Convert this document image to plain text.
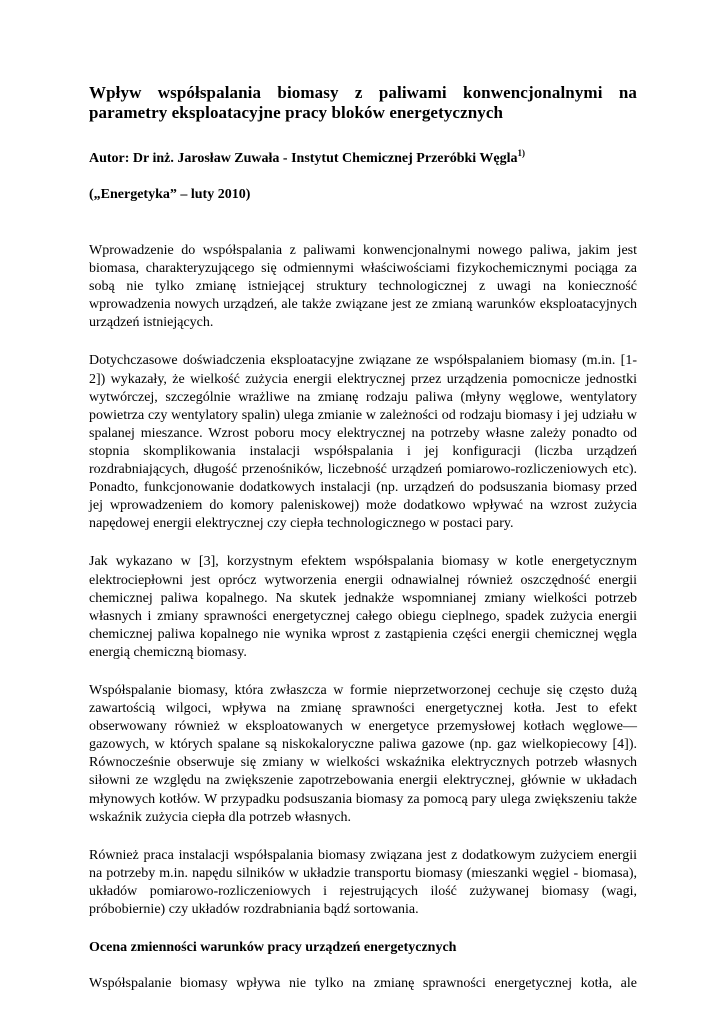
Wpływ współspalania biomasy z paliwami konwencjonalnymi na parametry eksploatacyjne pracy bloków energetycznych

Autor: Dr inż. Jarosław Zuwała - Instytut Chemicznej Przeróbki Węgla$^{1)}$

(„Energetyka” – luty 2010)

Wprowadzenie do współspalania z paliwami konwencjonalnymi nowego paliwa, jakim jest biomasa, charakteryzującego się odmiennymi właściwościami fizykochemicznymi pociąga za sobą nie tylko zmianę istniejącej struktury technologicznej z uwagi na konieczność wprowadzenia nowych urządzeń, ale także związane jest ze zmianą warunków eksploatacyjnych urządzeń istniejących.

Dotychczasowe doświadczenia eksploatacyjne związane ze współspalaniem biomasy (m.in. [1-2]) wykazały, że wielkość zużycia energii elektrycznej przez urządzenia pomocnicze jednostki wytwórczej, szczególnie wrażliwe na zmianę rodzaju paliwa (młyny węglowe, wentylatory powietrza czy wentylatory spalin) ulega zmianie w zależności od rodzaju biomasy i jej udziału w spalanej mieszance. Wzrost poboru mocy elektrycznej na potrzeby własne zależy ponadto od stopnia skomplikowania instalacji współspalania i jej konfiguracji (liczba urządzeń rozdrabniających, długość przenośników, liczebność urządzeń pomiarowo-rozliczeniowych etc). Ponadto, funkcjonowanie dodatkowych instalacji (np. urządzeń do podsuszania biomasy przed jej wprowadzeniem do komory paleniskowej) może dodatkowo wpływać na wzrost zużycia napędowej energii elektrycznej czy ciepła technologicznego w postaci pary.

Jak wykazano w [3], korzystnym efektem współspalania biomasy w kotle energetycznym elektrociepłowni jest oprócz wytworzenia energii odnawialnej również oszczędność energii chemicznej paliwa kopalnego. Na skutek jednakże wspomnianej zmiany wielkości potrzeb własnych i zmiany sprawności energetycznej całego obiegu cieplnego, spadek zużycia energii chemicznej paliwa kopalnego nie wynika wprost z zastąpienia części energii chemicznej węgla energią chemiczną biomasy.

Współspalanie biomasy, która zwłaszcza w formie nieprzetworzonej cechuje się często dużą zawartością wilgoci, wpływa na zmianę sprawności energetycznej kotła. Jest to efekt obserwowany również w eksploatowanych w energetyce przemysłowej kotłach węglowe—gazowych, w których spalane są niskokaloryczne paliwa gazowe (np. gaz wielkopiecowy [4]). Równocześnie obserwuje się zmiany w wielkości wskaźnika elektrycznych potrzeb własnych siłowni ze względu na zwiększenie zapotrzebowania energii elektrycznej, głównie w układach młynowych kotłów. W przypadku podsuszania biomasy za pomocą pary ulega zwiększeniu także wskaźnik zużycia ciepła dla potrzeb własnych.

Również praca instalacji współspalania biomasy związana jest z dodatkowym zużyciem energii na potrzeby m.in. napędu silników w układzie transportu biomasy (mieszanki węgiel - biomasa), układów pomiarowo-rozliczeniowych i rejestrujących ilość zużywanej biomasy (wagi, próbobiernie) czy układów rozdrabniania bądź sortowania.

Ocena zmienności warunków pracy urządzeń energetycznych

Współspalanie biomasy wpływa nie tylko na zmianę sprawności energetycznej kotła, ale
